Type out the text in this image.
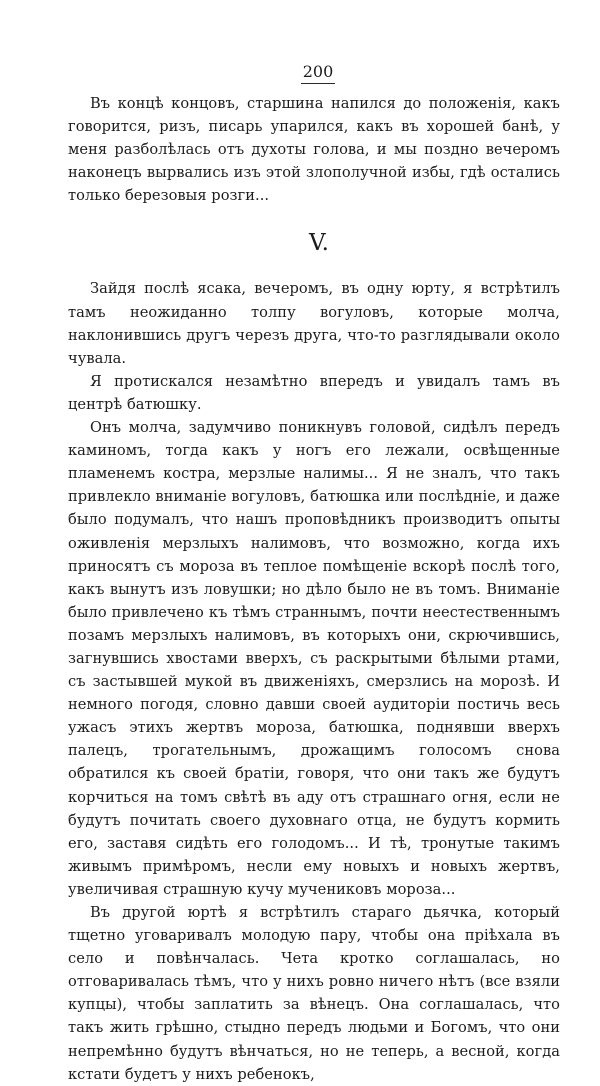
200

Въ концѣ концовъ, старшина напился до положенія, какъ говорится, ризъ, писарь упарился, какъ въ хорошей банѣ, у меня разболѣлась отъ духоты голова, и мы поздно вечеромъ наконецъ вырвались изъ этой злополучной избы, гдѣ остались только березовыя розги...

V.

Зайдя послѣ ясака, вечеромъ, въ одну юрту, я встрѣтилъ тамъ неожиданно толпу вогуловъ, которые молча, наклонившись другъ черезъ друга, что-то разглядывали около чувала.

Я протискался незамѣтно впередъ и увидалъ тамъ въ центрѣ батюшку.

Онъ молча, задумчиво поникнувъ головой, сидѣлъ передъ каминомъ, тогда какъ у ногъ его лежали, освѣщенные пламенемъ костра, мерзлые налимы... Я не зналъ, что такъ привлекло вниманіе вогуловъ, батюшка или послѣдніе, и даже было подумалъ, что нашъ проповѣдникъ производитъ опыты оживленія мерзлыхъ налимовъ, что возможно, когда ихъ приносятъ съ мороза въ теплое помѣщеніе вскорѣ послѣ того, какъ вынутъ изъ ловушки; но дѣло было не въ томъ. Вниманіе было привлечено къ тѣмъ страннымъ, почти неестественнымъ позамъ мерзлыхъ налимовъ, въ которыхъ они, скрючившись, загнувшись хвостами вверхъ, съ раскрытыми бѣлыми ртами, съ застывшей мукой въ движеніяхъ, смерзлись на морозѣ. И немного погодя, словно давши своей аудиторіи постичь весь ужасъ этихъ жертвъ мороза, батюшка, поднявши вверхъ палецъ, трогательнымъ, дрожащимъ голосомъ снова обратился къ своей братіи, говоря, что они такъ же будутъ корчиться на томъ свѣтѣ въ аду отъ страшнаго огня, если не будутъ почитать своего духовнаго отца, не будутъ кормить его, заставя сидѣть его голодомъ... И тѣ, тронутые такимъ живымъ примѣромъ, несли ему новыхъ и новыхъ жертвъ, увеличивая страшную кучу мучениковъ мороза...

Въ другой юртѣ я встрѣтилъ стараго дьячка, который тщетно уговаривалъ молодую пару, чтобы она пріѣхала въ село и повѣнчалась. Чета кротко соглашалась, но отговаривалась тѣмъ, что у нихъ ровно ничего нѣтъ (все взяли купцы), чтобы заплатить за вѣнецъ. Она соглашалась, что такъ жить грѣшно, стыдно передъ людьми и Богомъ, что они непремѣнно будутъ вѣнчаться, но не теперь, а весной, когда кстати будетъ у нихъ ребенокъ,
